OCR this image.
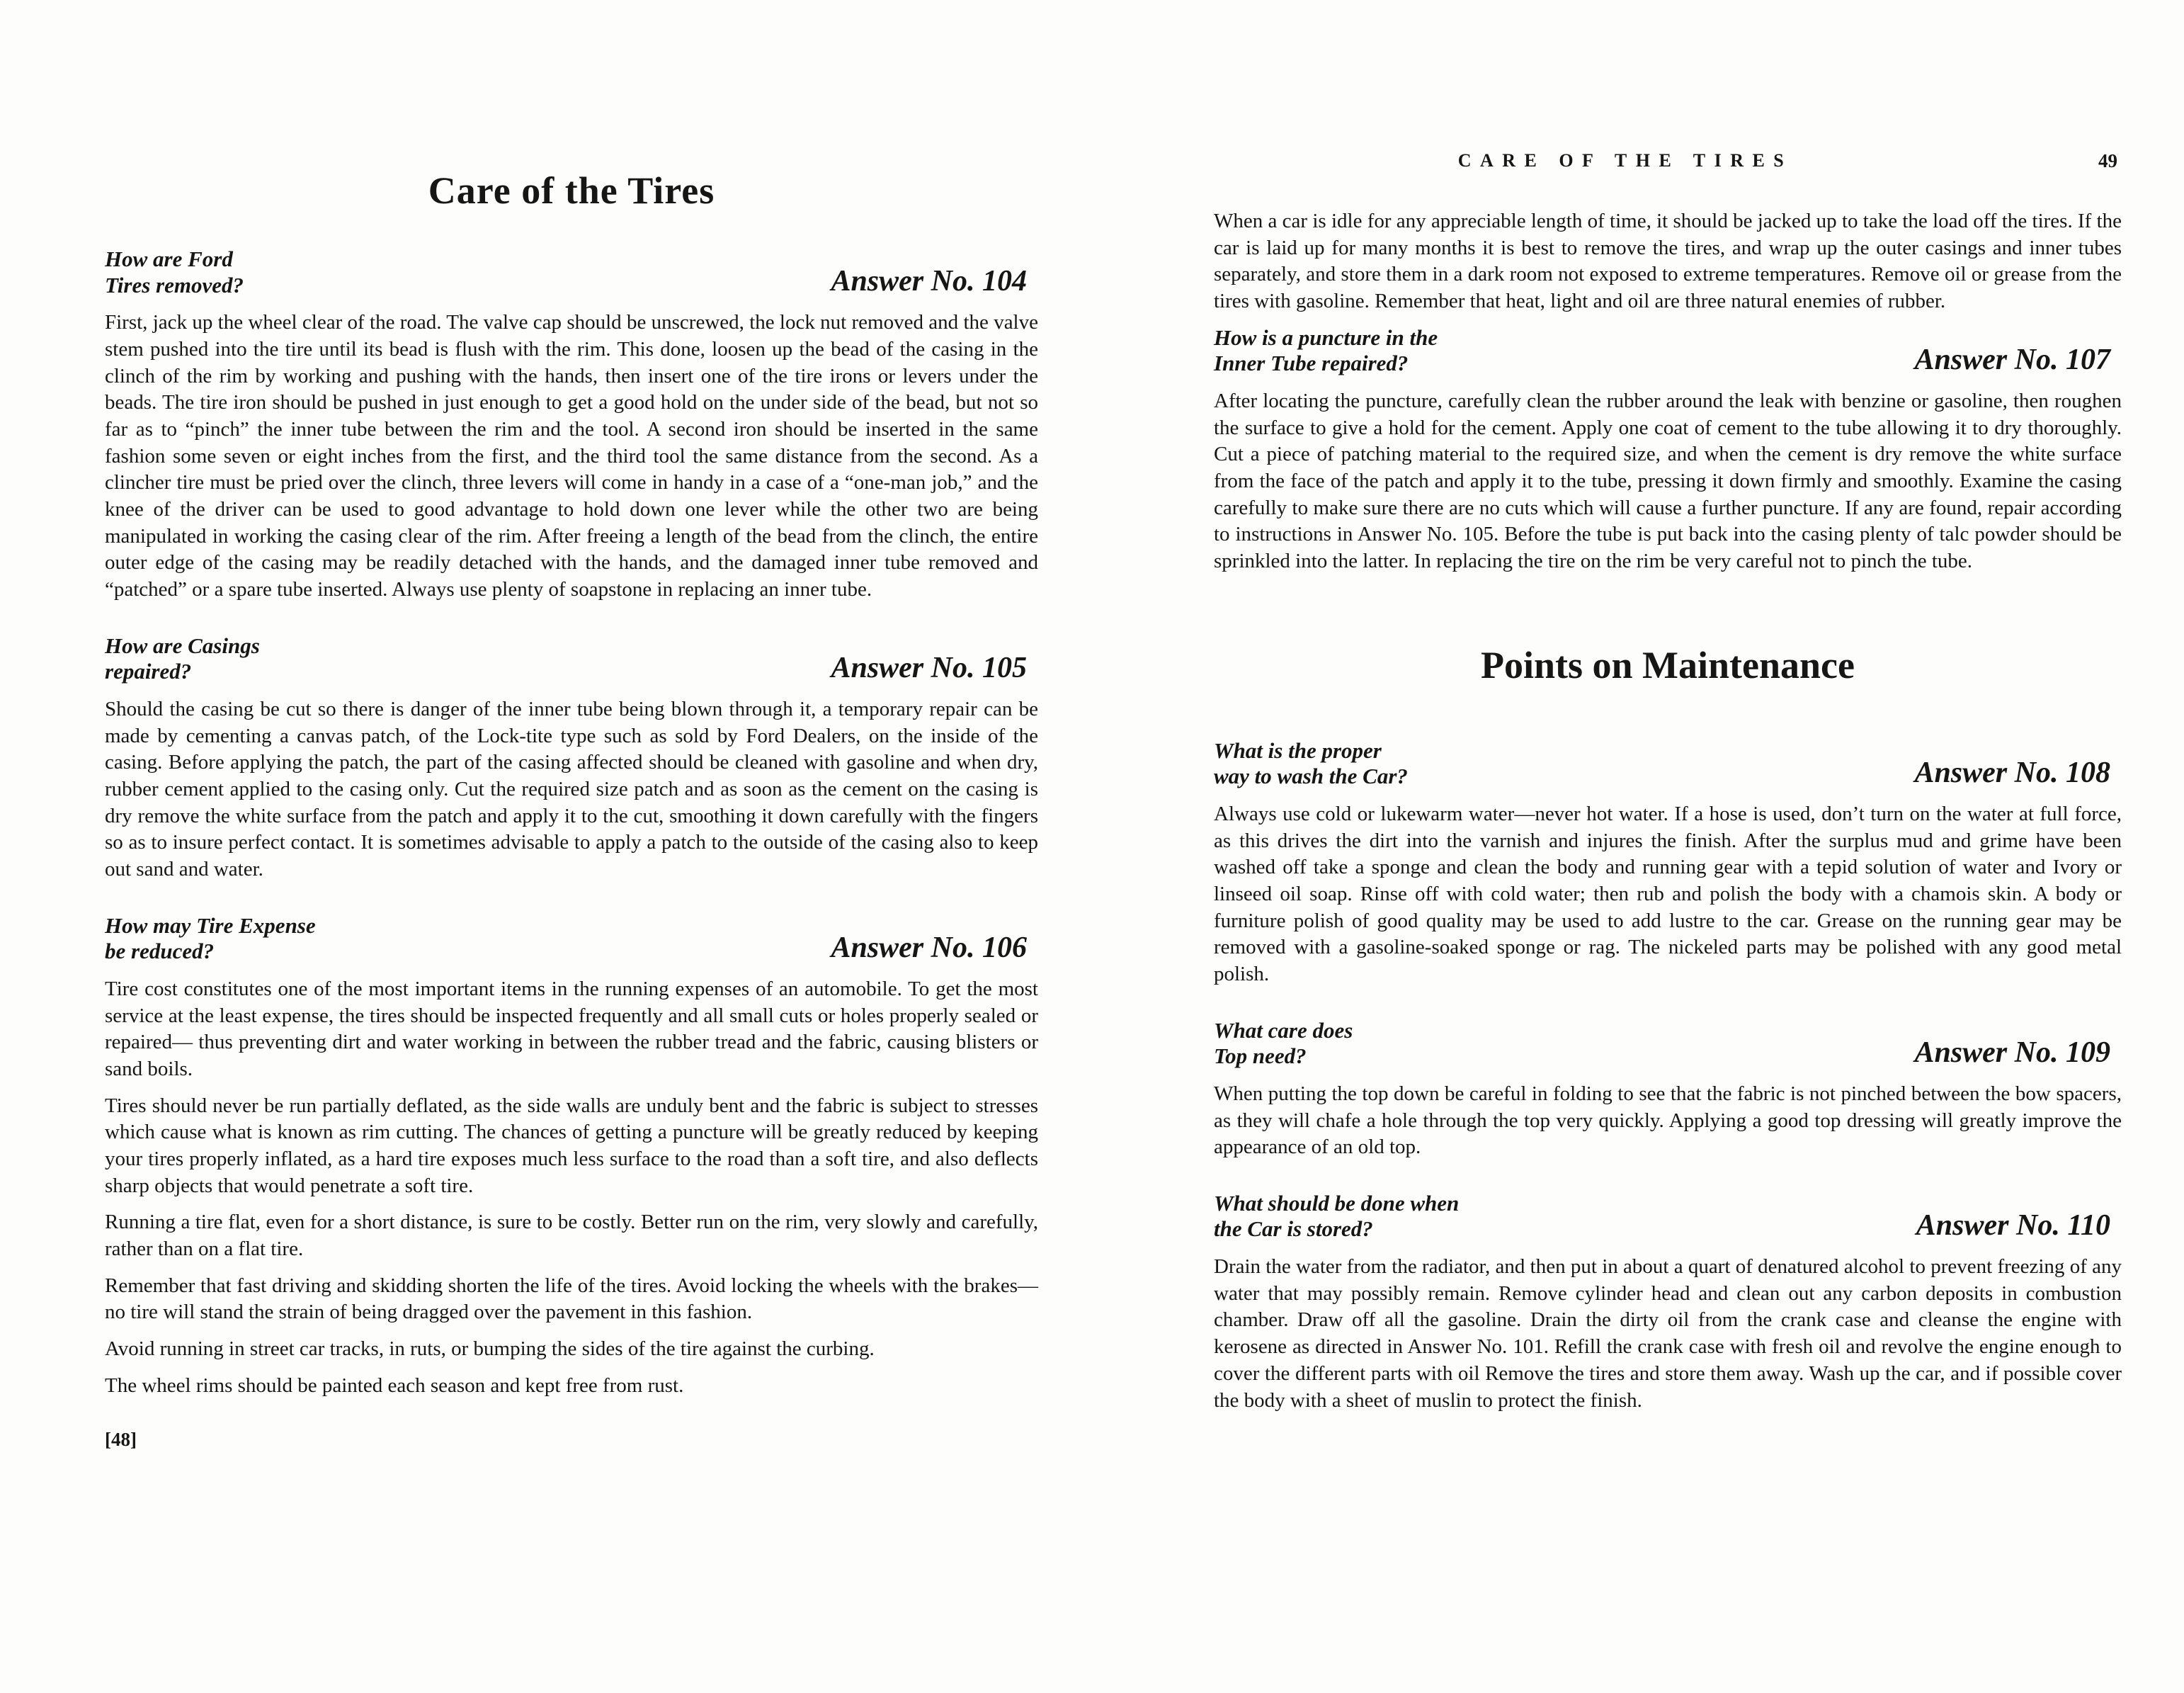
Care of the Tires
How are Ford
Tires removed?	Answer No. 104

First, jack up the wheel clear of the road. The valve cap should be unscrewed, the lock nut removed and the valve stem pushed into the tire until its bead is flush with the rim. This done, loosen up the bead of the casing in the clinch of the rim by working and pushing with the hands, then insert one of the tire irons or levers under the beads. The tire iron should be pushed in just enough to get a good hold on the under side of the bead, but not so far as to “pinch” the inner tube between the rim and the tool. A second iron should be inserted in the same fashion some seven or eight inches from the first, and the third tool the same distance from the second. As a clincher tire must be pried over the clinch, three levers will come in handy in a case of a “one-man job,” and the knee of the driver can be used to good advantage to hold down one lever while the other two are being manipulated in working the casing clear of the rim. After freeing a length of the bead from the clinch, the entire outer edge of the casing may be readily detached with the hands, and the damaged inner tube removed and “patched” or a spare tube inserted. Always use plenty of soapstone in replacing an inner tube.

How are Casings
repaired?	Answer No. 105

Should the casing be cut so there is danger of the inner tube being blown through it, a temporary repair can be made by cementing a canvas patch, of the Lock-tite type such as sold by Ford Dealers, on the inside of the casing. Before applying the patch, the part of the casing affected should be cleaned with gasoline and when dry, rubber cement applied to the casing only. Cut the required size patch and as soon as the cement on the casing is dry remove the white surface from the patch and apply it to the cut, smoothing it down carefully with the fingers so as to insure perfect contact. It is sometimes advisable to apply a patch to the outside of the casing also to keep out sand and water.

How may Tire Expense
be reduced?	Answer No. 106

Tire cost constitutes one of the most important items in the running expenses of an automobile. To get the most service at the least expense, the tires should be inspected frequently and all small cuts or holes properly sealed or repaired— thus preventing dirt and water working in between the rubber tread and the fabric, causing blisters or sand boils.

Tires should never be run partially deflated, as the side walls are unduly bent and the fabric is subject to stresses which cause what is known as rim cutting. The chances of getting a puncture will be greatly reduced by keeping your tires properly inflated, as a hard tire exposes much less surface to the road than a soft tire, and also deflects sharp objects that would penetrate a soft tire.

Running a tire flat, even for a short distance, is sure to be costly. Better run on the rim, very slowly and carefully, rather than on a flat tire.

Remember that fast driving and skidding shorten the life of the tires. Avoid locking the wheels with the brakes—no tire will stand the strain of being dragged over the pavement in this fashion.

Avoid running in street car tracks, in ruts, or bumping the sides of the tire against the curbing.

The wheel rims should be painted each season and kept free from rust.

[48]
CARE OF THE TIRES	49

When a car is idle for any appreciable length of time, it should be jacked up to take the load off the tires. If the car is laid up for many months it is best to remove the tires, and wrap up the outer casings and inner tubes separately, and store them in a dark room not exposed to extreme temperatures. Remove oil or grease from the tires with gasoline. Remember that heat, light and oil are three natural enemies of rubber.

How is a puncture in the
Inner Tube repaired?	Answer No. 107

After locating the puncture, carefully clean the rubber around the leak with benzine or gasoline, then roughen the surface to give a hold for the cement. Apply one coat of cement to the tube allowing it to dry thoroughly. Cut a piece of patching material to the required size, and when the cement is dry remove the white surface from the face of the patch and apply it to the tube, pressing it down firmly and smoothly. Examine the casing carefully to make sure there are no cuts which will cause a further puncture. If any are found, repair according to instructions in Answer No. 105. Before the tube is put back into the casing plenty of talc powder should be sprinkled into the latter. In replacing the tire on the rim be very careful not to pinch the tube.

Points on Maintenance
What is the proper
way to wash the Car?	Answer No. 108

Always use cold or lukewarm water—never hot water. If a hose is used, don’t turn on the water at full force, as this drives the dirt into the varnish and injures the finish. After the surplus mud and grime have been washed off take a sponge and clean the body and running gear with a tepid solution of water and Ivory or linseed oil soap. Rinse off with cold water; then rub and polish the body with a chamois skin. A body or furniture polish of good quality may be used to add lustre to the car. Grease on the running gear may be removed with a gasoline-soaked sponge or rag. The nickeled parts may be polished with any good metal polish.

What care does
Top need?	Answer No. 109

When putting the top down be careful in folding to see that the fabric is not pinched between the bow spacers, as they will chafe a hole through the top very quickly. Applying a good top dressing will greatly improve the appearance of an old top.

What should be done when
the Car is stored?	Answer No. 110

Drain the water from the radiator, and then put in about a quart of denatured alcohol to prevent freezing of any water that may possibly remain. Remove cylinder head and clean out any carbon deposits in combustion chamber. Draw off all the gasoline. Drain the dirty oil from the crank case and cleanse the engine with kerosene as directed in Answer No. 101. Refill the crank case with fresh oil and revolve the engine enough to cover the different parts with oil Remove the tires and store them away. Wash up the car, and if possible cover the body with a sheet of muslin to protect the finish.
